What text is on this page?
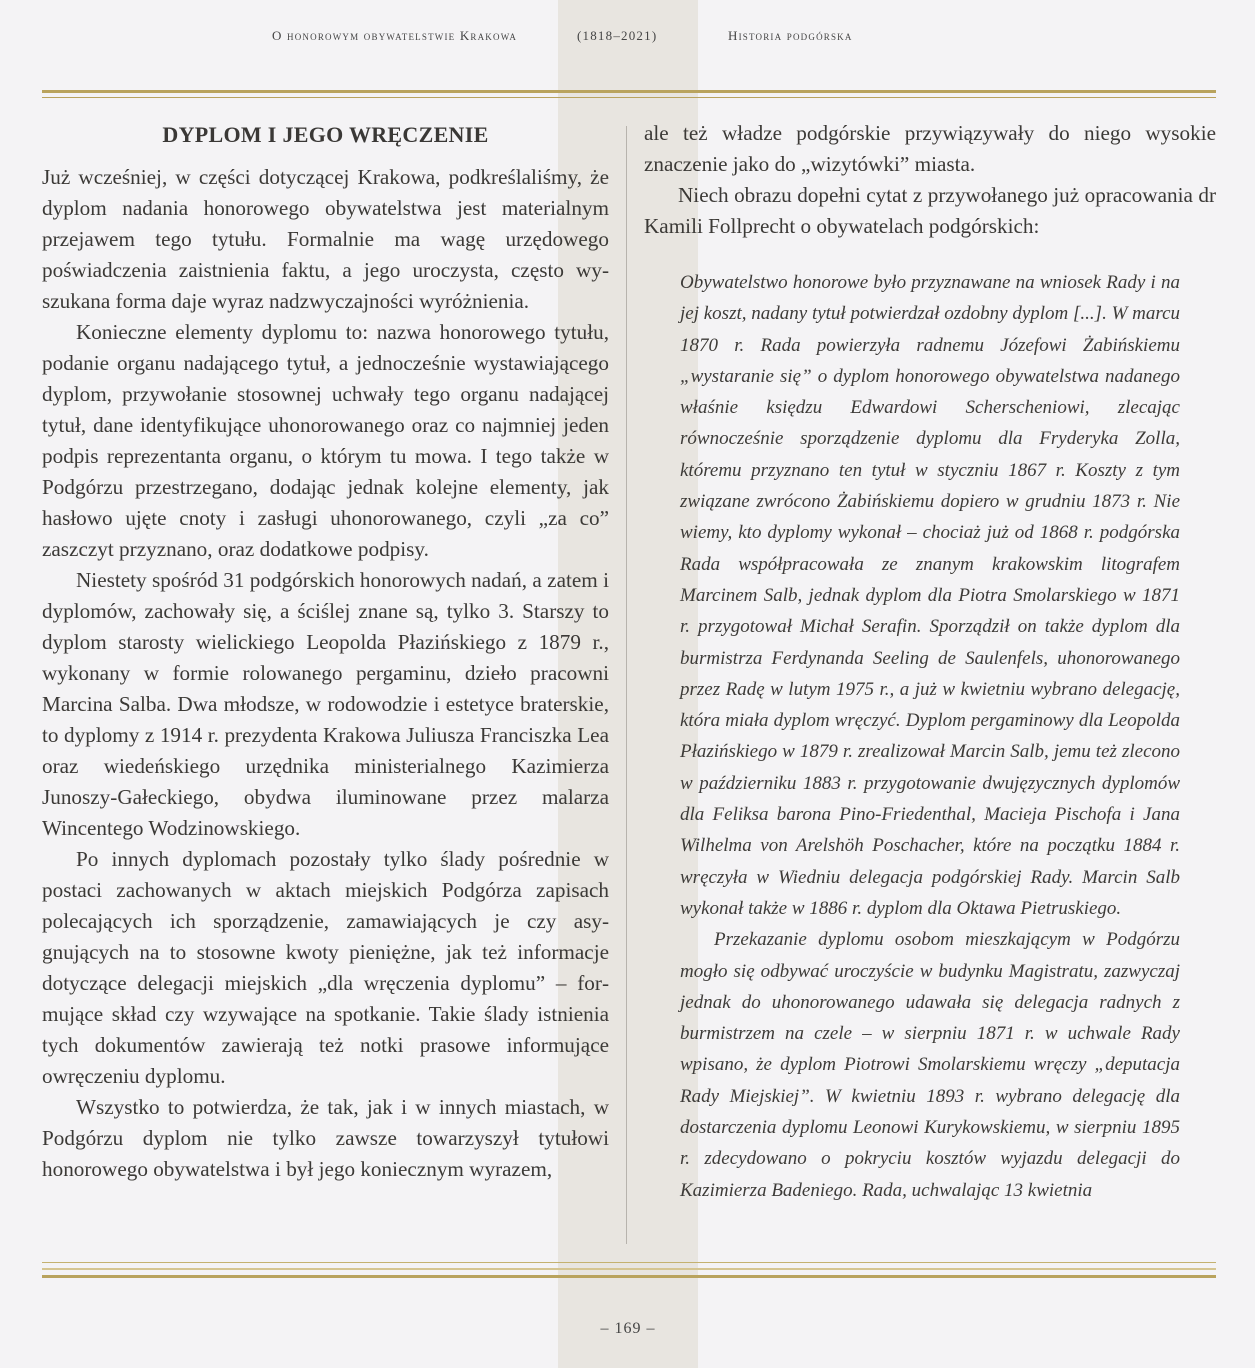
O honorowym obywatelstwie Krakowa	(1818–2021)	Historia podgórska
DYPLOM I JEGO WRĘCZENIE

Już wcześniej, w części dotyczącej Krakowa, podkreślaliśmy, że dyplom nadania honorowego obywatelstwa jest materialnym przejawem tego tytułu. Formalnie ma wagę urzędowego poświadczenia zaistnienia faktu, a jego uroczysta, często wyszukana forma daje wyraz nadzwyczajności wyróżnienia.

Konieczne elementy dyplomu to: nazwa honorowego tytułu, podanie organu nadającego tytuł, a jednocześnie wystawiającego dyplom, przywołanie stosownej uchwały tego organu nadającej tytuł, dane identyfikujące uhonorowanego oraz co najmniej jeden podpis reprezentanta organu, o którym tu mowa. I tego także w Podgórzu przestrzegano, dodając jednak kolejne elementy, jak hasłowo ujęte cnoty i zasługi uhonorowanego, czyli „za co” zaszczyt przyznano, oraz dodatkowe podpisy.

Niestety spośród 31 podgórskich honorowych nadań, a zatem i dyplomów, zachowały się, a ściślej znane są, tylko 3. Starszy to dyplom starosty wielickiego Leopolda Płazińskiego z 1879 r., wykonany w formie rolowanego pergaminu, dzieło pracowni Marcina Salba. Dwa młodsze, w rodowodzie i estetyce braterskie, to dyplomy z 1914 r. prezydenta Krakowa Juliusza Franciszka Lea oraz wiedeńskiego urzędnika ministerialnego Kazimierza Junoszy-Gałeckiego, obydwa iluminowane przez malarza Wincentego Wodzinowskiego.

Po innych dyplomach pozostały tylko ślady pośrednie w postaci zachowanych w aktach miejskich Podgórza zapisach polecających ich sporządzenie, zamawiających je czy asygnujących na to stosowne kwoty pieniężne, jak też informacje dotyczące delegacji miejskich „dla wręczenia dyplomu” – formujące skład czy wzywające na spotkanie. Takie ślady istnienia tych dokumentów zawierają też notki prasowe informujące owręczeniu dyplomu.

Wszystko to potwierdza, że tak, jak i w innych miastach, w Podgórzu dyplom nie tylko zawsze towarzyszył tytułowi honorowego obywatelstwa i był jego koniecznym wyrazem,

ale też władze podgórskie przywiązywały do niego wysokie znaczenie jako do „wizytówki” miasta.

Niech obrazu dopełni cytat z przywołanego już opracowania dr Kamili Follprecht o obywatelach podgórskich:

Obywatelstwo honorowe było przyznawane na wniosek Rady i na jej koszt, nadany tytuł potwierdzał ozdobny dyplom [...]. W marcu 1870 r. Rada powierzyła radnemu Józefowi Żabińskiemu „wystaranie się” o dyplom honorowego obywatelstwa nadanego właśnie księdzu Edwardowi Scherscheniowi, zlecając równocześnie sporządzenie dyplomu dla Fryderyka Zolla, któremu przyznano ten tytuł w styczniu 1867 r. Koszty z tym związane zwrócono Żabińskiemu dopiero w grudniu 1873 r. Nie wiemy, kto dyplomy wykonał – chociaż już od 1868 r. podgórska Rada współpracowała ze znanym krakowskim litografem Marcinem Salb, jednak dyplom dla Piotra Smolarskiego w 1871 r. przygotował Michał Serafin. Sporządził on także dyplom dla burmistrza Ferdynanda Seeling de Saulenfels, uhonorowanego przez Radę w lutym 1975 r., a już w kwietniu wybrano delegację, która miała dyplom wręczyć. Dyplom pergaminowy dla Leopolda Płazińskiego w 1879 r. zrealizował Marcin Salb, jemu też zlecono w październiku 1883 r. przygotowanie dwujęzycznych dyplomów dla Feliksa barona Pino-Friedenthal, Macieja Pischofa i Jana Wilhelma von Arelshöh Poschacher, które na początku 1884 r. wręczyła w Wiedniu delegacja podgórskiej Rady. Marcin Salb wykonał także w 1886 r. dyplom dla Oktawa Pietruskiego.

Przekazanie dyplomu osobom mieszkającym w Podgórzu mogło się odbywać uroczyście w budynku Magistratu, zazwyczaj jednak do uhonorowanego udawała się delegacja radnych z burmistrzem na czele – w sierpniu 1871 r. w uchwale Rady wpisano, że dyplom Piotrowi Smolarskiemu wręczy „deputacja Rady Miejskiej”. W kwietniu 1893 r. wybrano delegację dla dostarczenia dyplomu Leonowi Kurykowskiemu, w sierpniu 1895 r. zdecydowano o pokryciu kosztów wyjazdu delegacji do Kazimierza Badeniego. Rada, uchwalając 13 kwietnia

– 169 –
